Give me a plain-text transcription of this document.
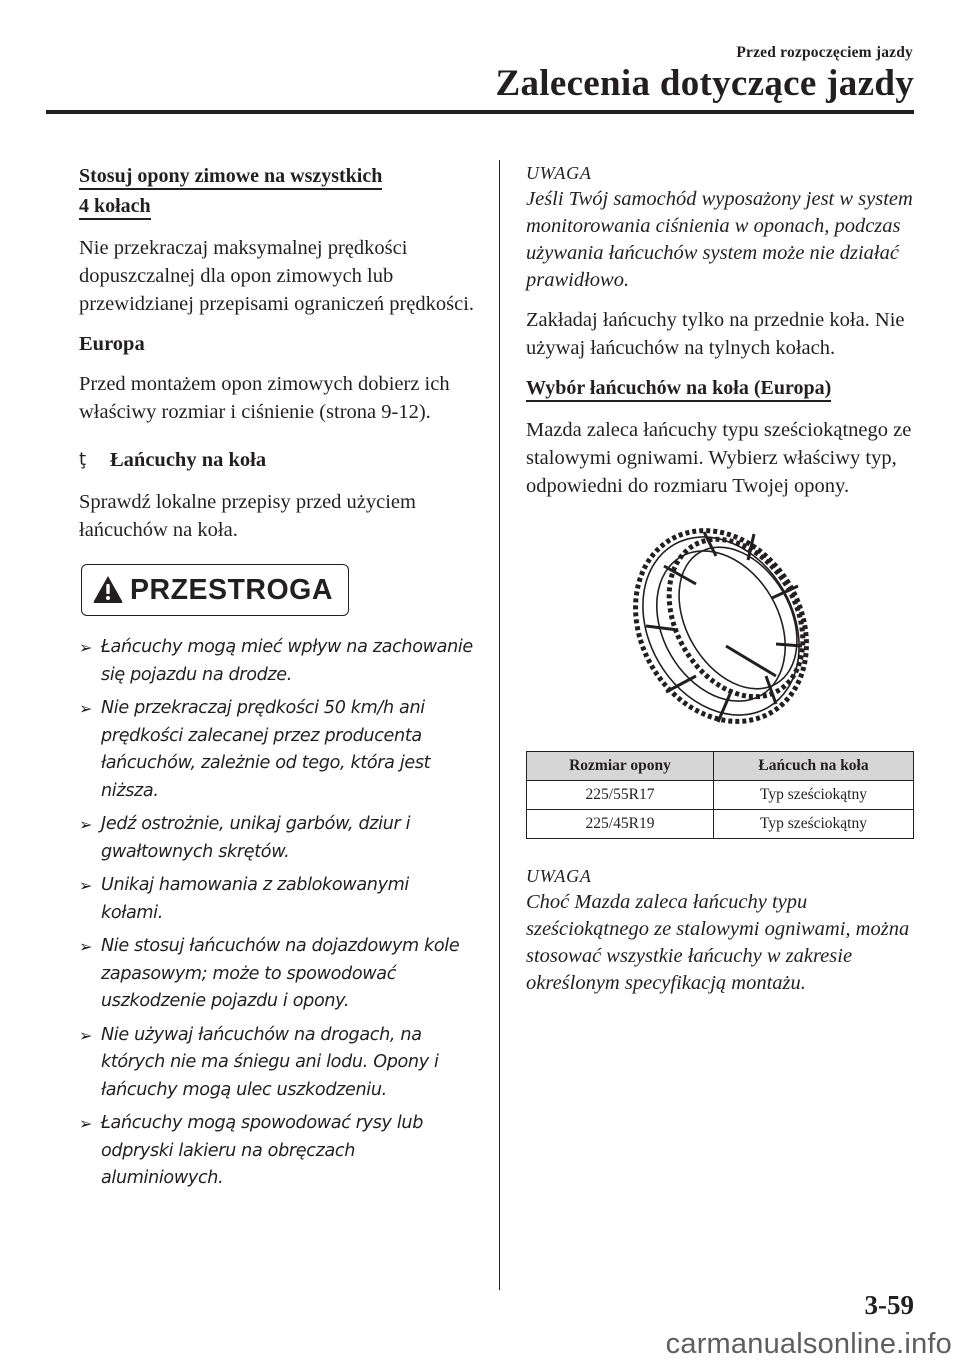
Przed rozpoczęciem jazdy
Zalecenia dotyczące jazdy
Stosuj opony zimowe na wszystkich
4 kołach

Nie przekraczaj maksymalnej prędkości dopuszczalnej dla opon zimowych lub przewidzianej przepisami ograniczeń prędkości.

Europa

Przed montażem opon zimowych dobierz ich właściwy rozmiar i ciśnienie (strona 9-12).

ţ	Łańcuchy na koła

Sprawdź lokalne przepisy przed użyciem łańcuchów na koła.

PRZESTROGA
➢ Łańcuchy mogą mieć wpływ na zachowanie się pojazdu na drodze.
➢ Nie przekraczaj prędkości 50 km/h ani prędkości zalecanej przez producenta łańcuchów, zależnie od tego, która jest niższa.
➢ Jedź ostrożnie, unikaj garbów, dziur i gwałtownych skrętów.
➢ Unikaj hamowania z zablokowanymi kołami.
➢ Nie stosuj łańcuchów na dojazdowym kole zapasowym; może to spowodować uszkodzenie pojazdu i opony.
➢ Nie używaj łańcuchów na drogach, na których nie ma śniegu ani lodu. Opony i łańcuchy mogą ulec uszkodzeniu.
➢ Łańcuchy mogą spowodować rysy lub odpryski lakieru na obręczach aluminiowych.
UWAGA

Jeśli Twój samochód wyposażony jest w system monitorowania ciśnienia w oponach, podczas używania łańcuchów system może nie działać prawidłowo.

Zakładaj łańcuchy tylko na przednie koła. Nie używaj łańcuchów na tylnych kołach.

Wybór łańcuchów na koła (Europa)

Mazda zaleca łańcuchy typu sześciokątnego ze stalowymi ogniwami. Wybierz właściwy typ, odpowiedni do rozmiaru Twojej opony.

Rozmiar opony	Łańcuch na koła
225/55R17	Typ sześciokątny
225/45R19	Typ sześciokątny
UWAGA

Choć Mazda zaleca łańcuchy typu sześciokątnego ze stalowymi ogniwami, można stosować wszystkie łańcuchy w zakresie określonym specyfikacją montażu.

3-59
carmanualsonline.info
